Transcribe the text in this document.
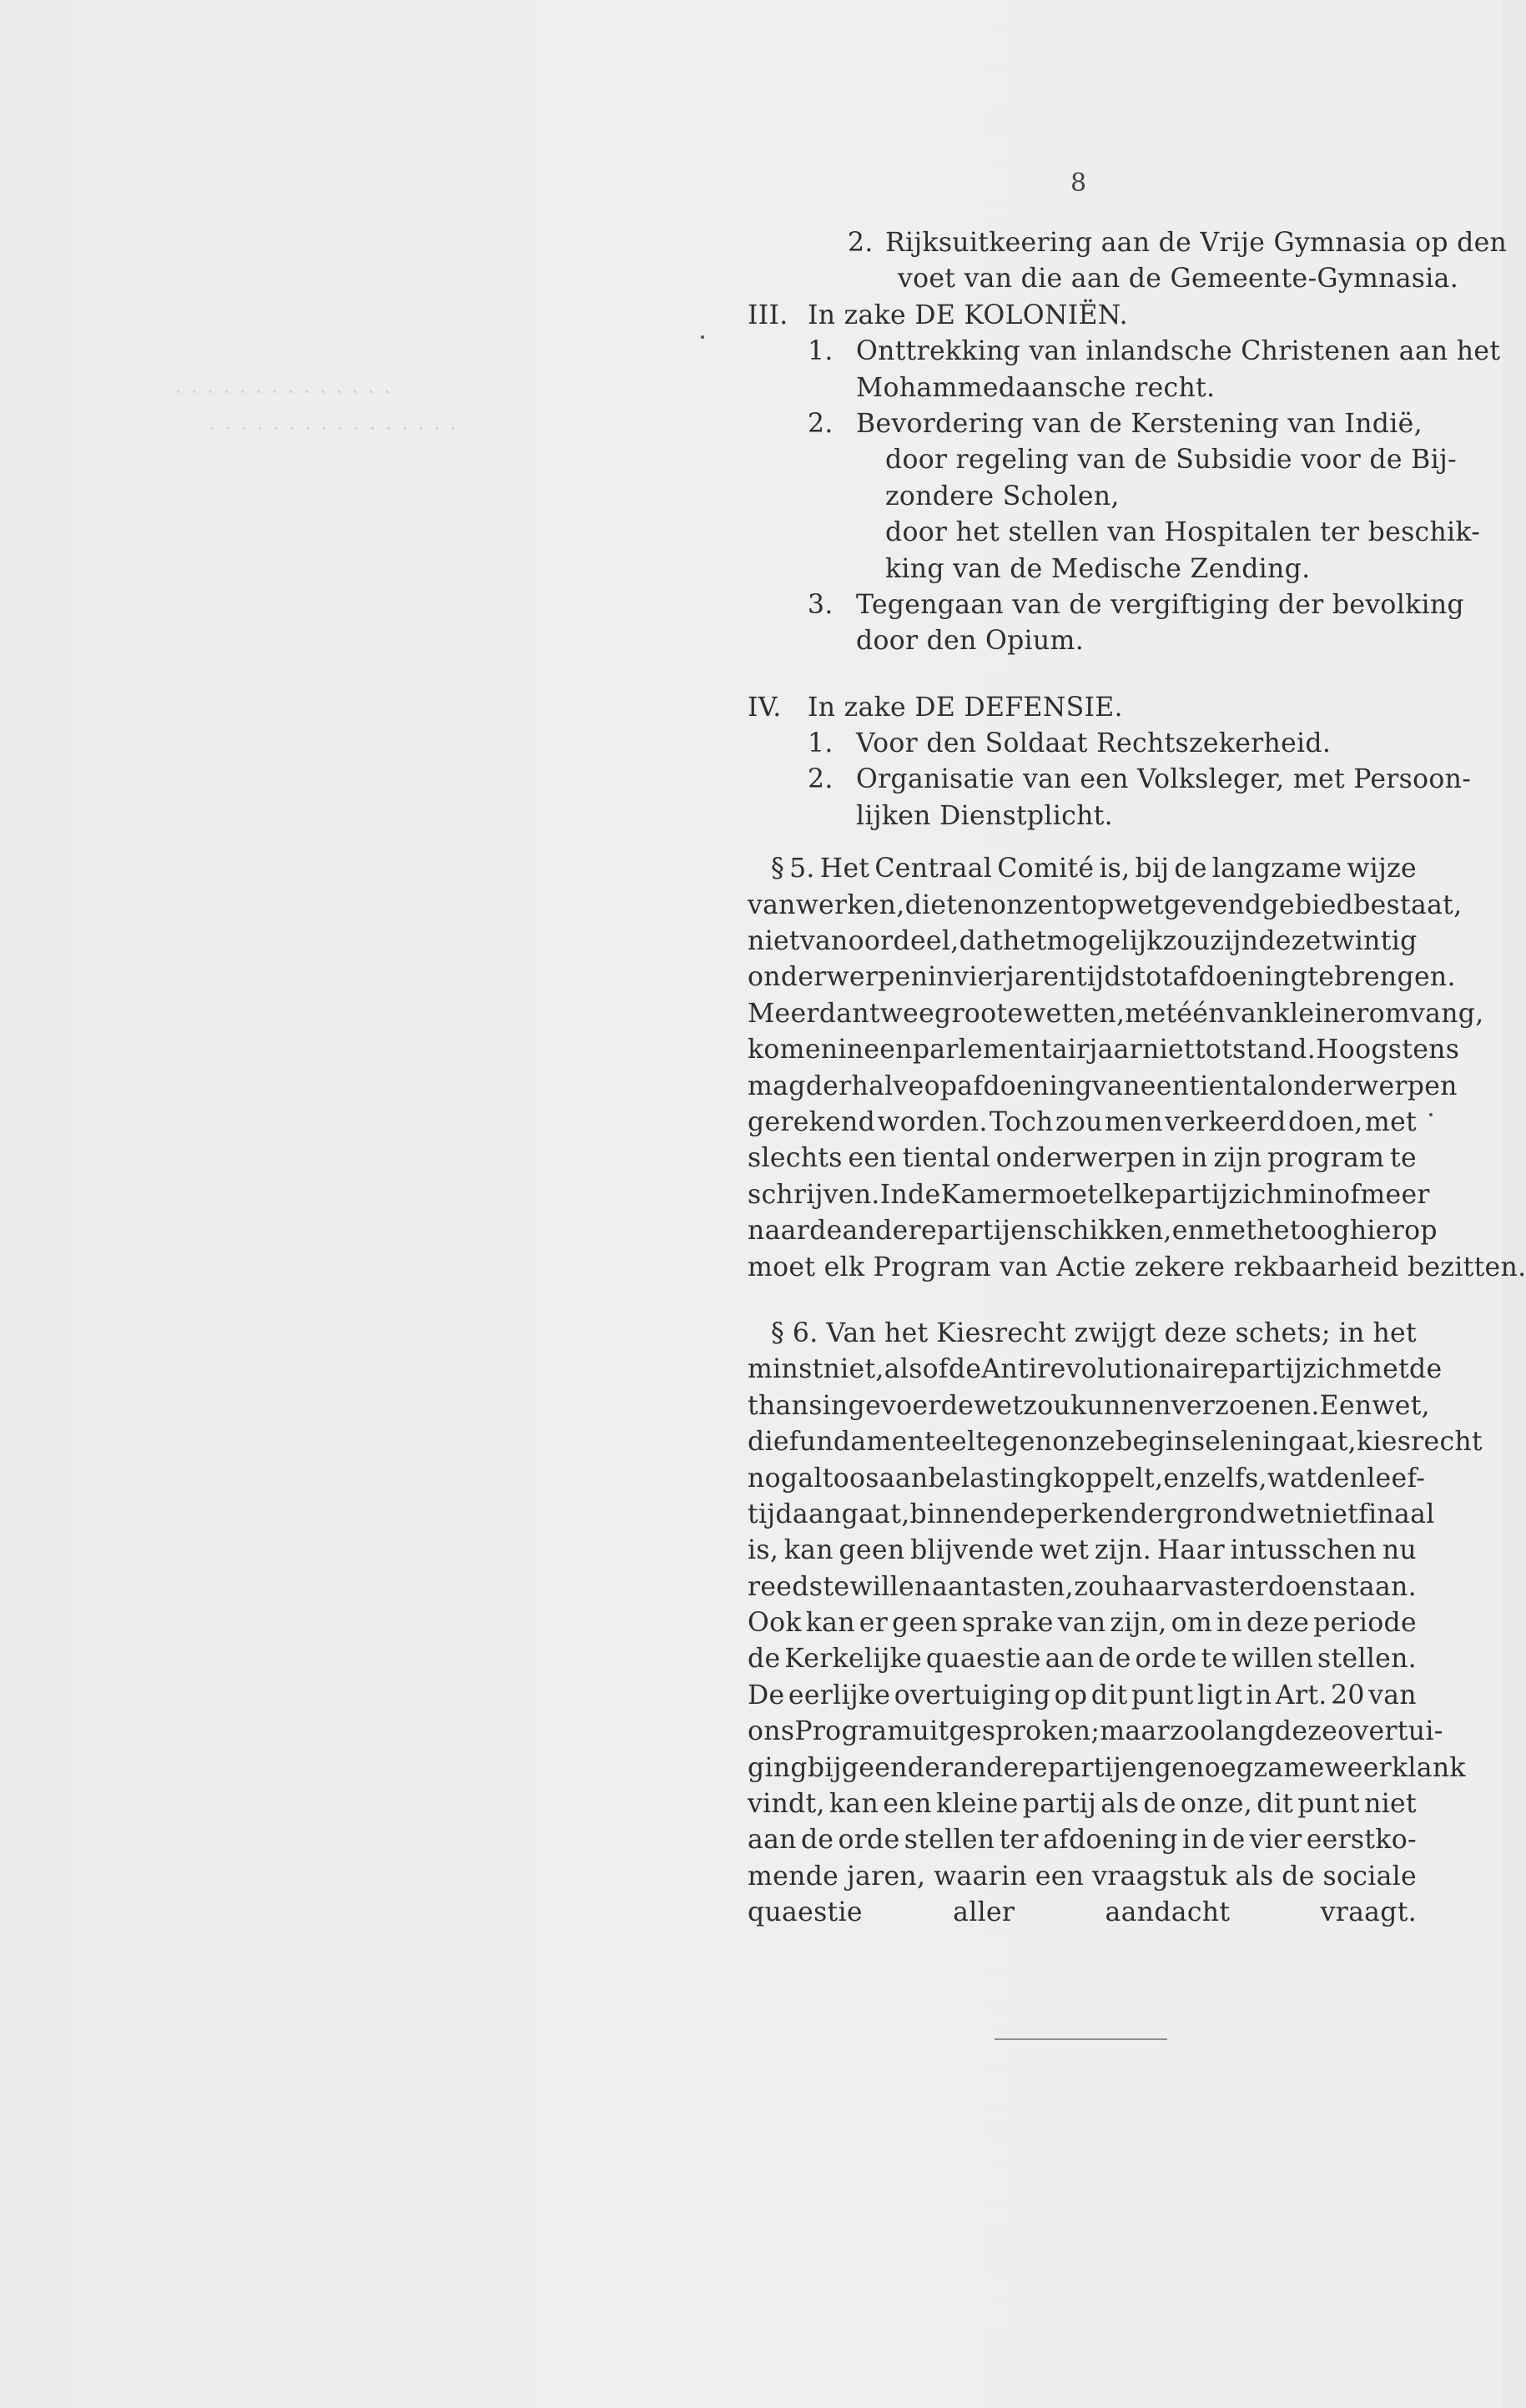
· · · · · · · · · · · · · ·
· · · · · · · · · · · · · · · ·
8
2. Rijksuitkeering aan de Vrije Gymnasia op den
voet van die aan de Gemeente-Gymnasia.
III. In zake DE KOLONIËN.
1. Onttrekking van inlandsche Christenen aan het
Mohammedaansche recht.
2. Bevordering van de Kerstening van Indië,
door regeling van de Subsidie voor de Bij-
zondere Scholen,
door het stellen van Hospitalen ter beschik-
king van de Medische Zending.
3. Tegengaan van de vergiftiging der bevolking
door den Opium.
IV. In zake DE DEFENSIE.
1. Voor den Soldaat Rechtszekerheid.
2. Organisatie van een Volksleger, met Persoon-
lijken Dienstplicht.
§ 5. Het Centraal Comité is, bij de langzame wijze
van werken, die ten onzent op wetgevend gebied bestaat,
niet van oordeel, dat het mogelijk zou zijn deze twintig
onderwerpen in vier jaren tijds tot afdoening te brengen.
Meer dan twee groote wetten, met één van kleiner omvang,
komen in een parlementair jaar niet tot stand. Hoogstens
mag derhalve op afdoening van een tiental onderwerpen
gerekend worden. Toch zou men verkeerd doen, met
slechts een tiental onderwerpen in zijn program te
schrijven. In de Kamer moet elke partij zich min of meer
naar de andere partijen schikken, en met het oog hierop
moet elk Program van Actie zekere rekbaarheid bezitten.
§ 6. Van het Kiesrecht zwijgt deze schets; in het
minst niet, alsof de Antirevolutionaire partij zich met de
thans ingevoerde wet zou kunnen verzoenen. Een wet,
die fundamenteel tegen onze beginselen ingaat, kiesrecht
nog altoos aan belasting koppelt, en zelfs, wat den leef-
tijd aangaat, binnen de perken der grondwet niet finaal
is, kan geen blijvende wet zijn. Haar intusschen nu
reeds te willen aantasten, zou haar vaster doen staan.
Ook kan er geen sprake van zijn, om in deze periode
de Kerkelijke quaestie aan de orde te willen stellen.
De eerlijke overtuiging op dit punt ligt in Art. 20 van
ons Program uitgesproken; maar zoolang deze overtui-
ging bij geen der andere partijen genoegzame weerklank
vindt, kan een kleine partij als de onze, dit punt niet
aan de orde stellen ter afdoening in de vier eerstko-
mende jaren, waarin een vraagstuk als de sociale
quaestie aller aandacht vraagt.
